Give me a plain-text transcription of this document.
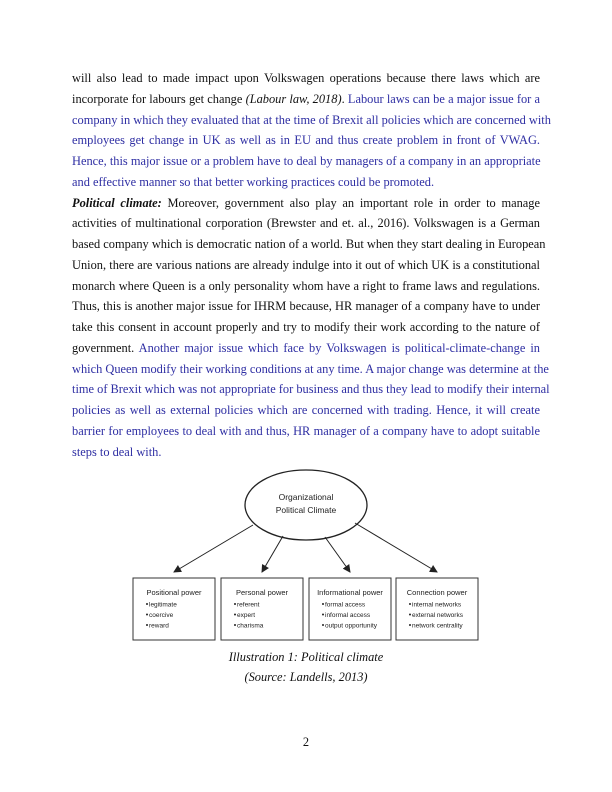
will also lead to made impact upon Volkswagen operations because there laws which are
incorporate for labours get change (Labour law, 2018). Labour laws can be a major issue for a
company in which they evaluated that at the time of Brexit all policies which are concerned with
employees get change in UK as well as in EU and thus create problem in front of VWAG.
Hence, this major issue or a problem have to deal by managers of a company in an appropriate
and effective manner so that better working practices could be promoted.
Political climate: Moreover, government also play an important role in order to manage
activities of multinational corporation (Brewster and et. al., 2016). Volkswagen is a German
based company which is democratic nation of a world. But when they start dealing in European
Union, there are various nations are already indulge into it out of which UK is a constitutional
monarch where Queen is a only personality whom have a right to frame laws and regulations.
Thus, this is another major issue for IHRM because, HR manager of a company have to under
take this consent in account properly and try to modify their work according to the nature of
government. Another major issue which face by Volkswagen is political-climate-change in
which Queen modify their working conditions at any time. A major change was determine at the
time of Brexit which was not appropriate for business and thus they lead to modify their internal
policies as well as external policies which are concerned with trading. Hence, it will create
barrier for employees to deal with and thus, HR manager of a company have to adopt suitable
steps to deal with.
Organizational
Political Climate
Positional power
legitimate
coercive
reward
Personal power
referent
expert
charisma
Informational power
formal access
informal access
output opportunity
Connection power
internal networks
external networks
network centrality
Illustration 1: Political climate
(Source: Landells, 2013)
2
